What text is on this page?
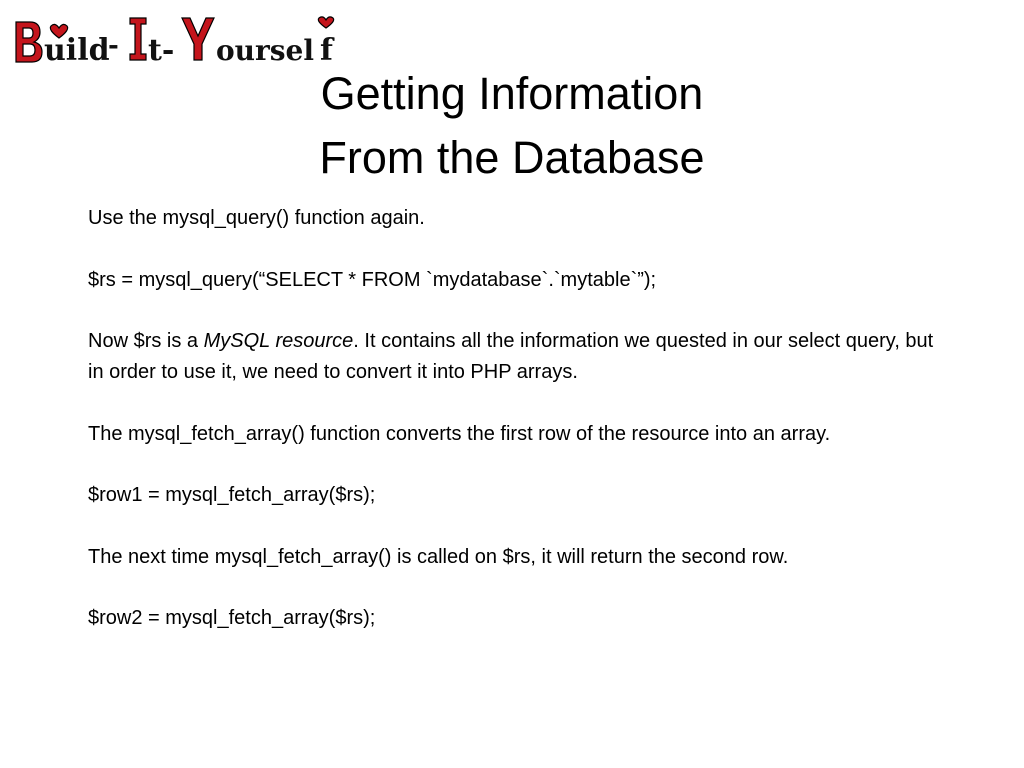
uild
- t- oursel f
Getting Information
From the Database

Use the mysql_query() function again.

$rs = mysql_query(“SELECT * FROM `mydatabase`.`mytable`”);

Now $rs is a MySQL resource. It contains all the information we quested in our select query, but in order to use it, we need to convert it into PHP arrays.

The mysql_fetch_array() function converts the first row of the resource into an array.

$row1 = mysql_fetch_array($rs);

The next time mysql_fetch_array() is called on $rs, it will return the second row.

$row2 = mysql_fetch_array($rs);
